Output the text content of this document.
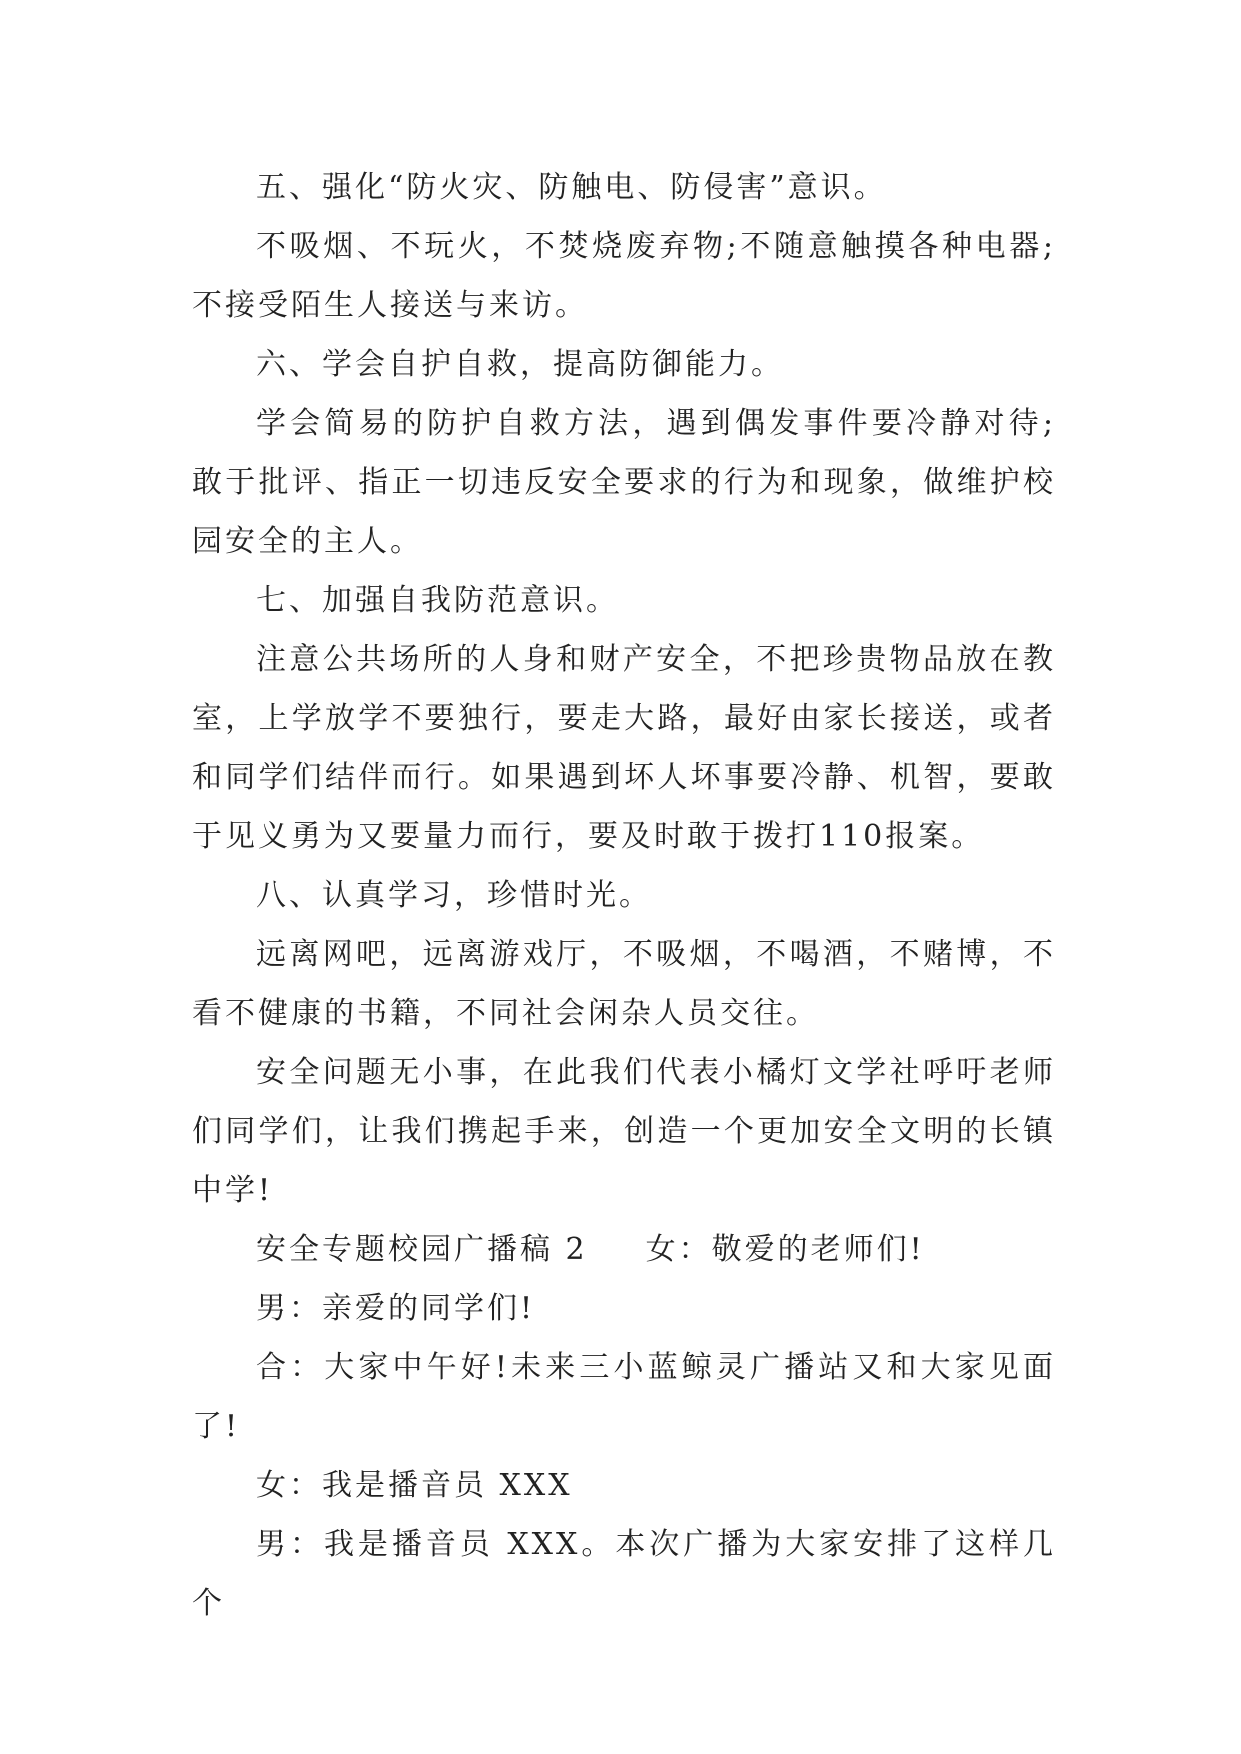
五、强化“防火灾、防触电、防侵害”意识。

不吸烟、不玩火，不焚烧废弃物;不随意触摸各种电器;不接受陌生人接送与来访。

六、学会自护自救，提高防御能力。

学会简易的防护自救方法，遇到偶发事件要冷静对待;敢于批评、指正一切违反安全要求的行为和现象，做维护校园安全的主人。

七、加强自我防范意识。

注意公共场所的人身和财产安全，不把珍贵物品放在教室，上学放学不要独行，要走大路，最好由家长接送，或者和同学们结伴而行。如果遇到坏人坏事要冷静、机智，要敢于见义勇为又要量力而行，要及时敢于拨打110报案。

八、认真学习，珍惜时光。

远离网吧，远离游戏厅，不吸烟，不喝酒，不赌博，不看不健康的书籍，不同社会闲杂人员交往。

安全问题无小事，在此我们代表小橘灯文学社呼吁老师们同学们，让我们携起手来，创造一个更加安全文明的长镇中学!

安全专题校园广播稿 2 女：敬爱的老师们!

男：亲爱的同学们!

合：大家中午好!未来三小蓝鲸灵广播站又和大家见面了!

女：我是播音员 XXX

男：我是播音员 XXX。本次广播为大家安排了这样几个
